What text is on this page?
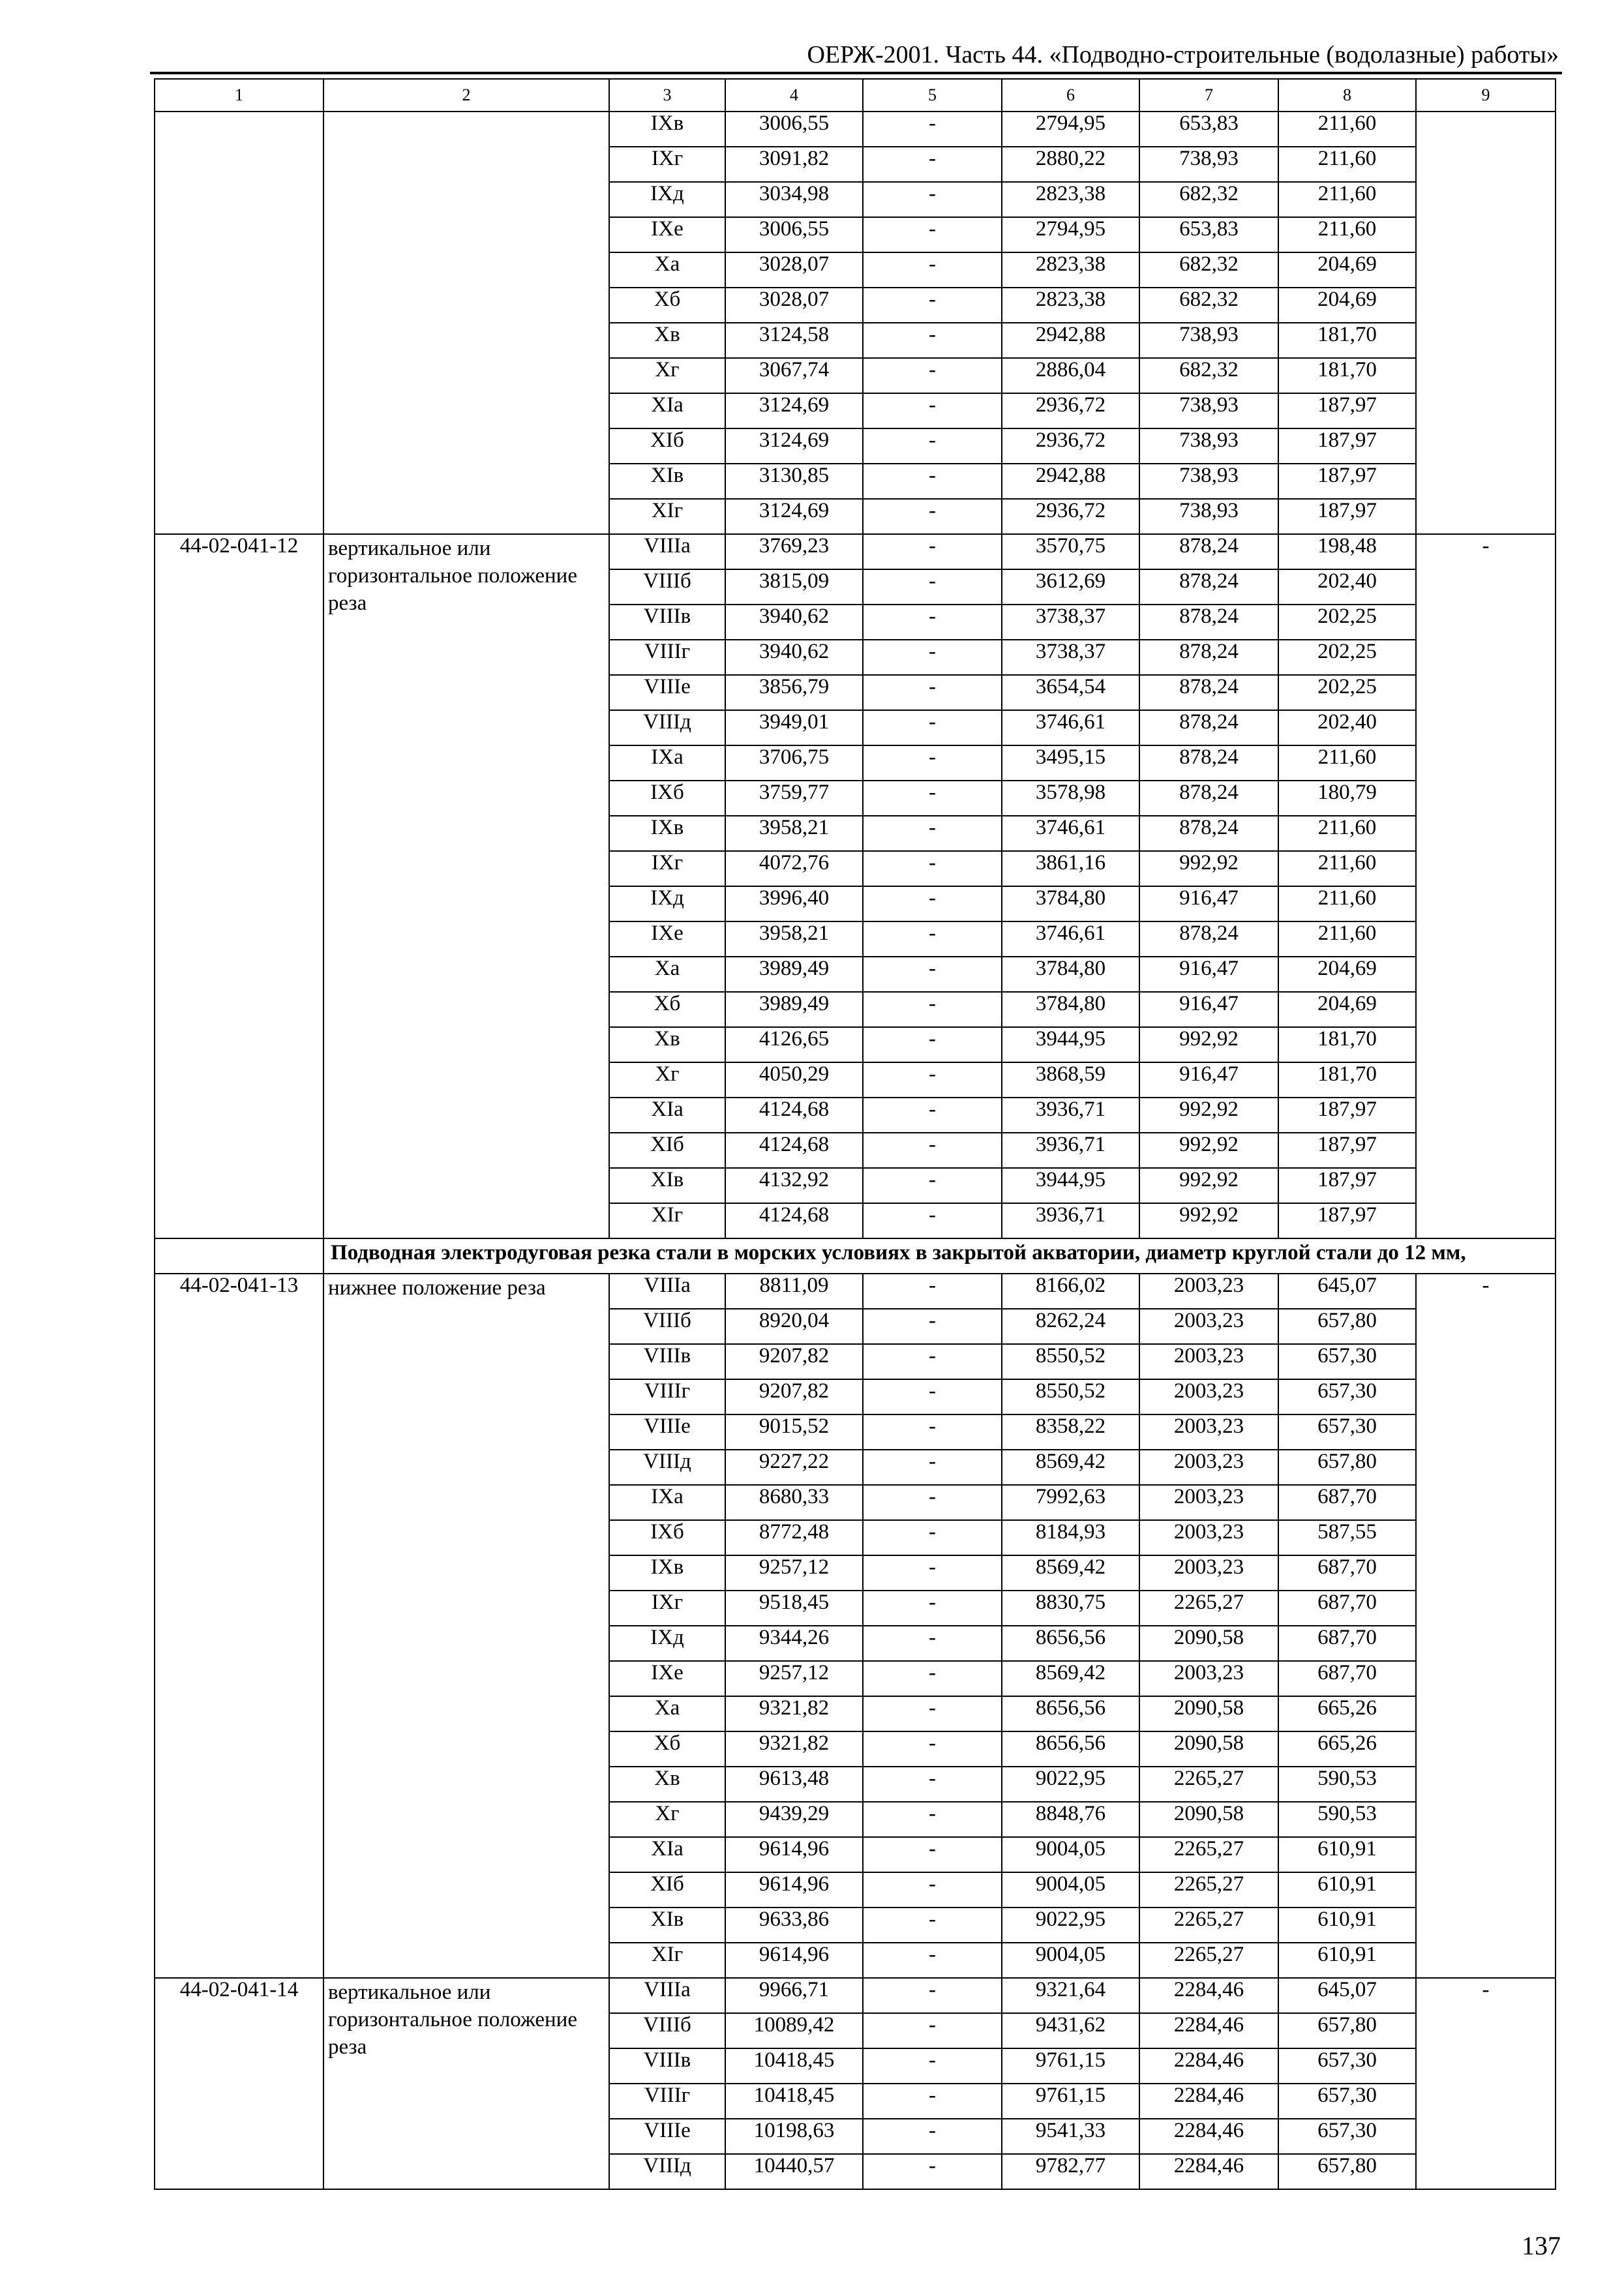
ОЕРЖ-2001. Часть 44. «Подводно-строительные (водолазные) работы»
1	2	3	4	5	6	7	8	9
		IXв	3006,55	-	2794,95	653,83	211,60	
		IXг	3091,82	-	2880,22	738,93	211,60	
		IXд	3034,98	-	2823,38	682,32	211,60	
		IXе	3006,55	-	2794,95	653,83	211,60	
		Xа	3028,07	-	2823,38	682,32	204,69	
		Xб	3028,07	-	2823,38	682,32	204,69	
		Xв	3124,58	-	2942,88	738,93	181,70	
		Xг	3067,74	-	2886,04	682,32	181,70	
		XIа	3124,69	-	2936,72	738,93	187,97	
		XIб	3124,69	-	2936,72	738,93	187,97	
		XIв	3130,85	-	2942,88	738,93	187,97	
		XIг	3124,69	-	2936,72	738,93	187,97	
44-02-041-12	вертикальное или горизонтальное положение реза	VIIIа	3769,23	-	3570,75	878,24	198,48	-
		VIIIб	3815,09	-	3612,69	878,24	202,40	
		VIIIв	3940,62	-	3738,37	878,24	202,25	
		VIIIг	3940,62	-	3738,37	878,24	202,25	
		VIIIе	3856,79	-	3654,54	878,24	202,25	
		VIIIд	3949,01	-	3746,61	878,24	202,40	
		IXа	3706,75	-	3495,15	878,24	211,60	
		IXб	3759,77	-	3578,98	878,24	180,79	
		IXв	3958,21	-	3746,61	878,24	211,60	
		IXг	4072,76	-	3861,16	992,92	211,60	
		IXд	3996,40	-	3784,80	916,47	211,60	
		IXе	3958,21	-	3746,61	878,24	211,60	
		Xа	3989,49	-	3784,80	916,47	204,69	
		Xб	3989,49	-	3784,80	916,47	204,69	
		Xв	4126,65	-	3944,95	992,92	181,70	
		Xг	4050,29	-	3868,59	916,47	181,70	
		XIа	4124,68	-	3936,71	992,92	187,97	
		XIб	4124,68	-	3936,71	992,92	187,97	
		XIв	4132,92	-	3944,95	992,92	187,97	
		XIг	4124,68	-	3936,71	992,92	187,97	
	Подводная электродуговая резка стали в морских условиях в закрытой акватории, диаметр круглой стали до 12 мм,							
44-02-041-13	нижнее положение реза	VIIIа	8811,09	-	8166,02	2003,23	645,07	-
		VIIIб	8920,04	-	8262,24	2003,23	657,80	
		VIIIв	9207,82	-	8550,52	2003,23	657,30	
		VIIIг	9207,82	-	8550,52	2003,23	657,30	
		VIIIе	9015,52	-	8358,22	2003,23	657,30	
		VIIIд	9227,22	-	8569,42	2003,23	657,80	
		IXа	8680,33	-	7992,63	2003,23	687,70	
		IXб	8772,48	-	8184,93	2003,23	587,55	
		IXв	9257,12	-	8569,42	2003,23	687,70	
		IXг	9518,45	-	8830,75	2265,27	687,70	
		IXд	9344,26	-	8656,56	2090,58	687,70	
		IXе	9257,12	-	8569,42	2003,23	687,70	
		Xа	9321,82	-	8656,56	2090,58	665,26	
		Xб	9321,82	-	8656,56	2090,58	665,26	
		Xв	9613,48	-	9022,95	2265,27	590,53	
		Xг	9439,29	-	8848,76	2090,58	590,53	
		XIа	9614,96	-	9004,05	2265,27	610,91	
		XIб	9614,96	-	9004,05	2265,27	610,91	
		XIв	9633,86	-	9022,95	2265,27	610,91	
		XIг	9614,96	-	9004,05	2265,27	610,91	
44-02-041-14	вертикальное или горизонтальное положение реза	VIIIа	9966,71	-	9321,64	2284,46	645,07	-
		VIIIб	10089,42	-	9431,62	2284,46	657,80	
		VIIIв	10418,45	-	9761,15	2284,46	657,30	
		VIIIг	10418,45	-	9761,15	2284,46	657,30	
		VIIIе	10198,63	-	9541,33	2284,46	657,30	
		VIIIд	10440,57	-	9782,77	2284,46	657,80	
137
